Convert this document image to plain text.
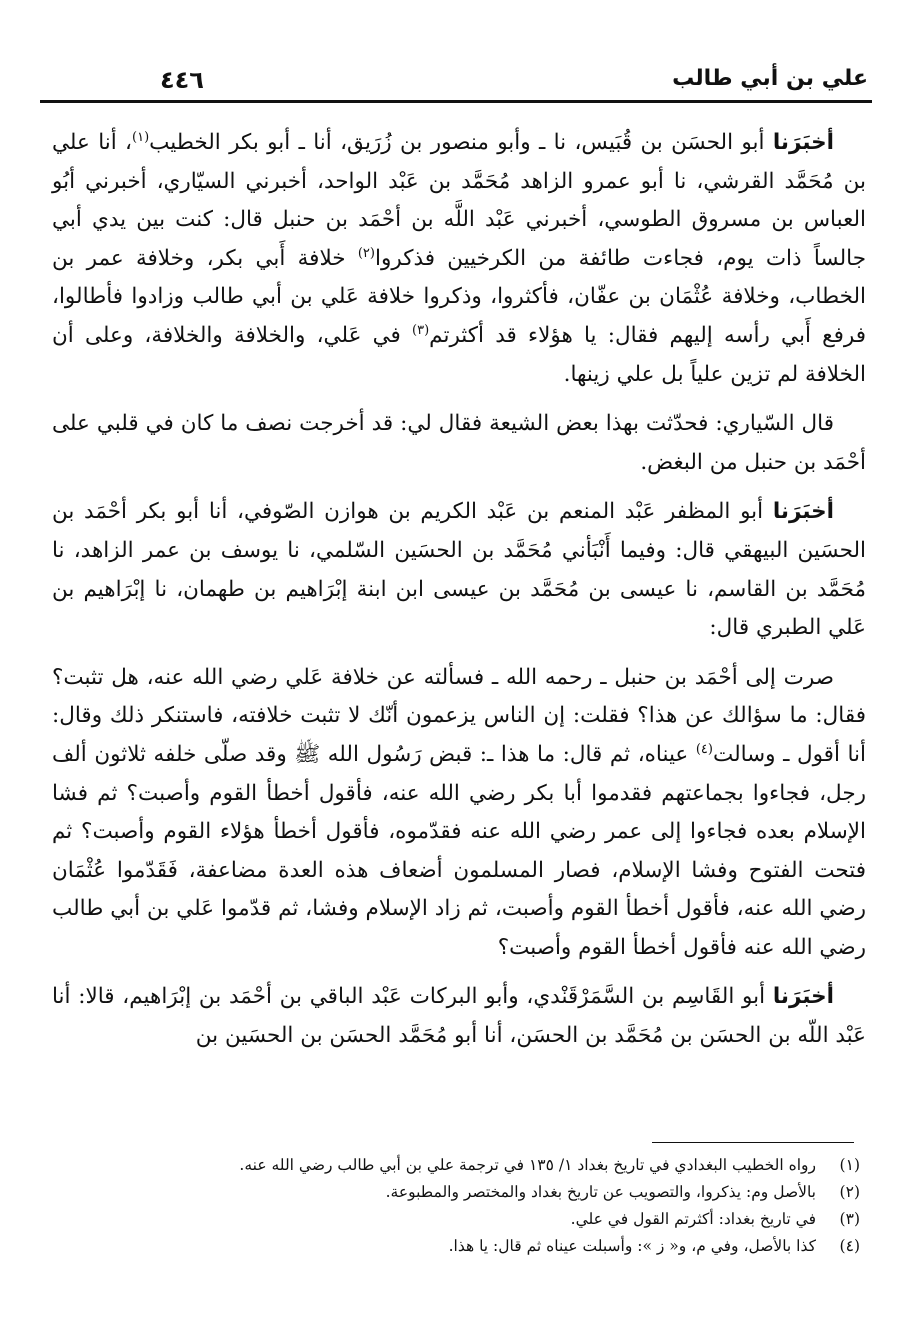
٤٤٦	علي بن أبي طالب

أخبَرَنا أبو الحسَن بن قُبَيس، نا ـ وأبو منصور بن زُرَيق، أنا ـ أبو بكر الخطيب$^{(١)}$، أنا علي بن مُحَمَّد القرشي، نا أبو عمرو الزاهد مُحَمَّد بن عَبْد الواحد، أخبرني السيّاري، أخبرني أبُو العباس بن مسروق الطوسي، أخبرني عَبْد اللَّه بن أحْمَد بن حنبل قال: كنت بين يدي أبي جالساً ذات يوم، فجاءت طائفة من الكرخيين فذكروا$^{(٢)}$ خلافة أَبي بكر، وخلافة عمر بن الخطاب، وخلافة عُثْمَان بن عفّان، فأكثروا، وذكروا خلافة عَلي بن أبي طالب وزادوا فأطالوا، فرفع أَبي رأسه إليهم فقال: يا هؤلاء قد أكثرتم$^{(٣)}$ في عَلي، والخلافة والخلافة، وعلى أن الخلافة لم تزين علياً بل علي زينها.

قال السّياري: فحدّثت بهذا بعض الشيعة فقال لي: قد أخرجت نصف ما كان في قلبي على أحْمَد بن حنبل من البغض.

أخبَرَنا أبو المظفر عَبْد المنعم بن عَبْد الكريم بن هوازن الصّوفي، أنا أبو بكر أحْمَد بن الحسَين البيهقي قال: وفيما أَنْبَأني مُحَمَّد بن الحسَين السّلمي، نا يوسف بن عمر الزاهد، نا مُحَمَّد بن القاسم، نا عيسى بن مُحَمَّد بن عيسى ابن ابنة إبْرَاهيم بن طهمان، نا إبْرَاهيم بن عَلي الطبري قال:

صرت إلى أحْمَد بن حنبل ـ رحمه الله ـ فسألته عن خلافة عَلي رضي الله عنه، هل تثبت؟ فقال: ما سؤالك عن هذا؟ فقلت: إن الناس يزعمون أنّك لا تثبت خلافته، فاستنكر ذلك وقال: أنا أقول ـ وسالت$^{(٤)}$ عيناه، ثم قال: ما هذا ـ: قبض رَسُول الله ﷺ وقد صلّى خلفه ثلاثون ألف رجل، فجاءوا بجماعتهم فقدموا أبا بكر رضي الله عنه، فأقول أخطأ القوم وأصبت؟ ثم فشا الإسلام بعده فجاءوا إلى عمر رضي الله عنه فقدّموه، فأقول أخطأ هؤلاء القوم وأصبت؟ ثم فتحت الفتوح وفشا الإسلام، فصار المسلمون أضعاف هذه العدة مضاعفة، فَقَدّموا عُثْمَان رضي الله عنه، فأقول أخطأ القوم وأصبت، ثم زاد الإسلام وفشا، ثم قدّموا عَلي بن أبي طالب رضي الله عنه فأقول أخطأ القوم وأصبت؟

أخبَرَنا أبو القَاسِم بن السَّمَرْقَنْدي، وأبو البركات عَبْد الباقي بن أحْمَد بن إبْرَاهيم، قالا: أنا عَبْد اللّه بن الحسَن بن مُحَمَّد بن الحسَن، أنا أبو مُحَمَّد الحسَن بن الحسَين بن

(١)رواه الخطيب البغدادي في تاريخ بغداد ١/ ١٣٥ في ترجمة علي بن أبي طالب رضي الله عنه.
(٢)بالأصل وم: يذكروا، والتصويب عن تاريخ بغداد والمختصر والمطبوعة.
(٣)في تاريخ بغداد: أكثرتم القول في علي.
(٤)كذا بالأصل، وفي م، و« ز »: وأسبلت عيناه ثم قال: يا هذا.
